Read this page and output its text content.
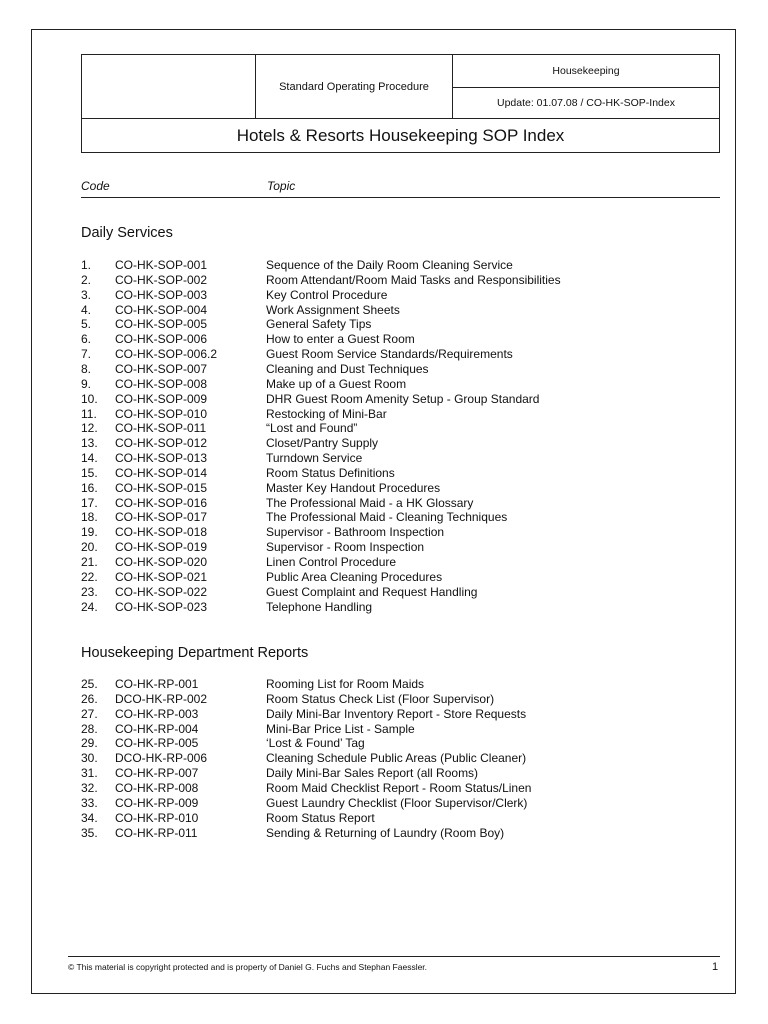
Standard Operating Procedure
Housekeeping
Update: 01.07.08 / CO-HK-SOP-Index
Hotels & Resorts Housekeeping SOP Index
Code	Topic
Daily Services
1. CO-HK-SOP-001	Sequence of the Daily Room Cleaning Service
2. CO-HK-SOP-002	Room Attendant/Room Maid Tasks and Responsibilities
3. CO-HK-SOP-003	Key Control Procedure
4. CO-HK-SOP-004	Work Assignment Sheets
5. CO-HK-SOP-005	General Safety Tips
6. CO-HK-SOP-006	How to enter a Guest Room
7. CO-HK-SOP-006.2	Guest Room Service Standards/Requirements
8. CO-HK-SOP-007	Cleaning and Dust Techniques
9. CO-HK-SOP-008	Make up of a Guest Room
10. CO-HK-SOP-009	DHR Guest Room Amenity Setup - Group Standard
11. CO-HK-SOP-010	Restocking of Mini-Bar
12. CO-HK-SOP-011	“Lost and Found”
13. CO-HK-SOP-012	Closet/Pantry Supply
14. CO-HK-SOP-013	Turndown Service
15. CO-HK-SOP-014	Room Status Definitions
16. CO-HK-SOP-015	Master Key Handout Procedures
17. CO-HK-SOP-016	The Professional Maid - a HK Glossary
18. CO-HK-SOP-017	The Professional Maid - Cleaning Techniques
19. CO-HK-SOP-018	Supervisor - Bathroom Inspection
20. CO-HK-SOP-019	Supervisor - Room Inspection
21. CO-HK-SOP-020	Linen Control Procedure
22. CO-HK-SOP-021	Public Area Cleaning Procedures
23. CO-HK-SOP-022	Guest Complaint and Request Handling
24. CO-HK-SOP-023	Telephone Handling
Housekeeping Department Reports
25. CO-HK-RP-001	Rooming List for Room Maids
26. DCO-HK-RP-002	Room Status Check List (Floor Supervisor)
27. CO-HK-RP-003	Daily Mini-Bar Inventory Report - Store Requests
28. CO-HK-RP-004	Mini-Bar Price List - Sample
29. CO-HK-RP-005	‘Lost & Found’ Tag
30. DCO-HK-RP-006	Cleaning Schedule Public Areas (Public Cleaner)
31. CO-HK-RP-007	Daily Mini-Bar Sales Report (all Rooms)
32. CO-HK-RP-008	Room Maid Checklist Report - Room Status/Linen
33. CO-HK-RP-009	Guest Laundry Checklist (Floor Supervisor/Clerk)
34. CO-HK-RP-010	Room Status Report
35. CO-HK-RP-011	Sending & Returning of Laundry (Room Boy)
© This material is copyright protected and is property of Daniel G. Fuchs and Stephan Faessler.	1
